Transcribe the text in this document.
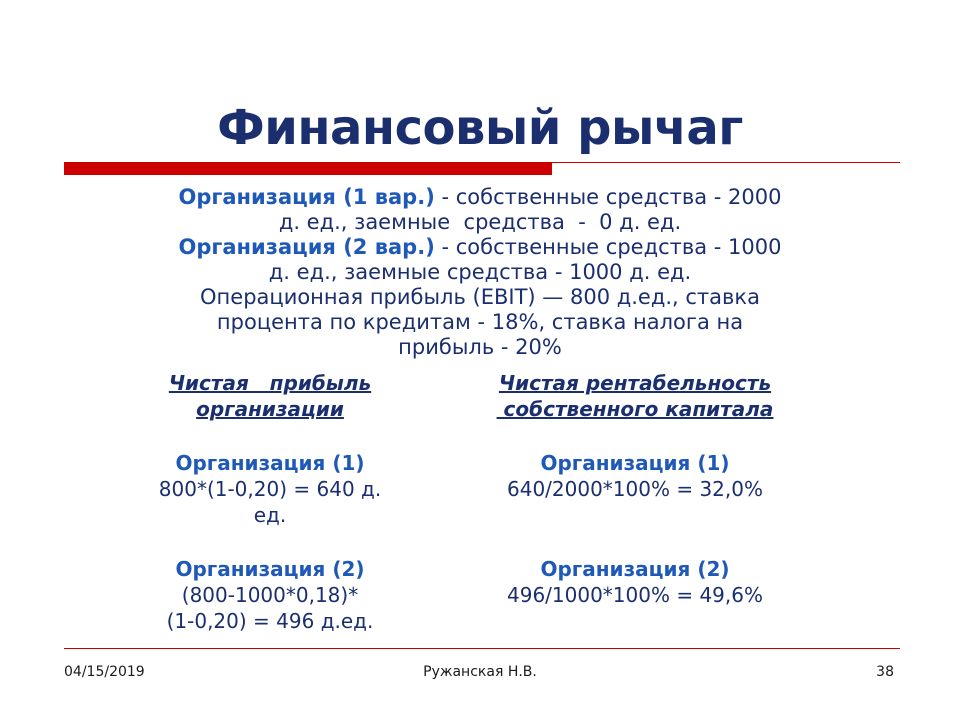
Финансовый рычаг
Организация (1 вар.) - собственные средства - 2000
д. ед., заемные  средства  -  0 д. ед.
Организация (2 вар.) - собственные средства - 1000
д. ед., заемные средства - 1000 д. ед.
Операционная прибыль (EBIT) — 800 д.ед., ставка
процента по кредитам - 18%, ставка налога на
прибыль - 20%
Чистая   прибыль
организации
Чистая рентабельность
собственного капитала
Организация (1)
800*(1-0,20) = 640 д.
ед.
Организация (2)
(800-1000*0,18)*
(1-0,20) = 496 д.ед.
Организация (1)
640/2000*100% = 32,0%
Организация (2)
496/1000*100% = 49,6%
04/15/2019	Ружанская Н.В.	38
